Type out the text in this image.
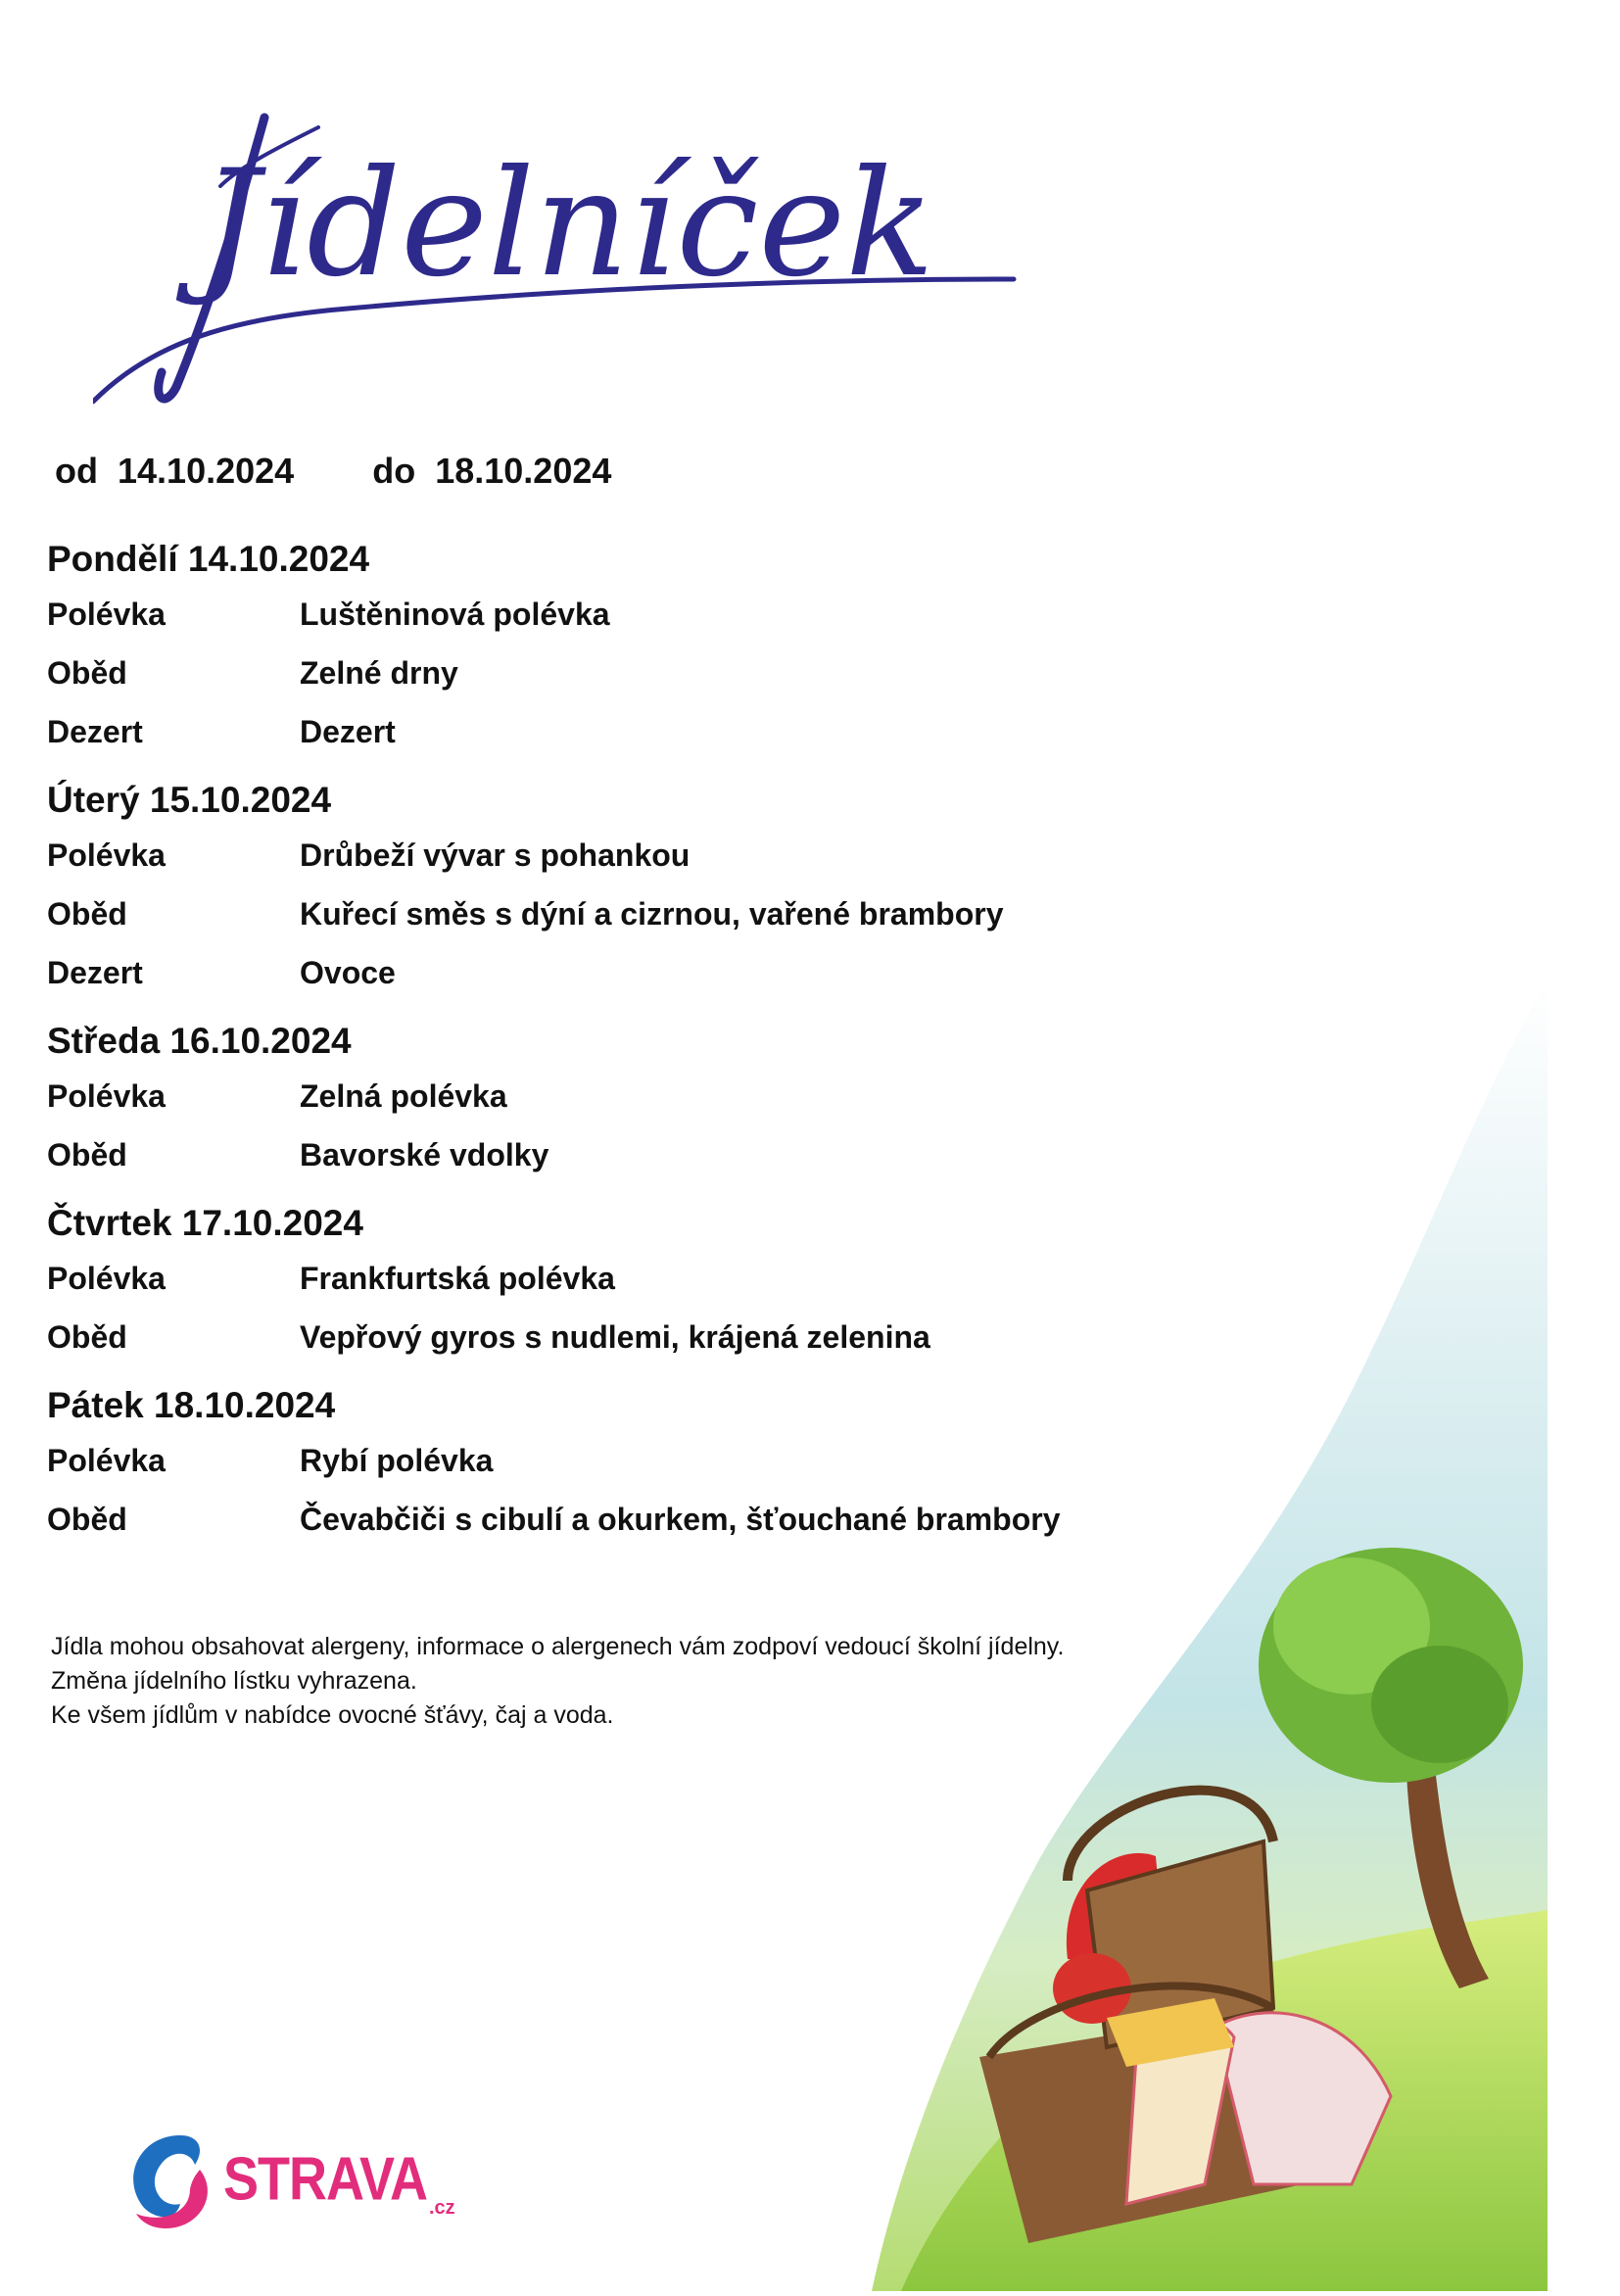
Jídelníček
od
14.10.2024
do
18.10.2024
Pondělí 14.10.2024
Polévka	Luštěninová polévka
Oběd	Zelné drny
Dezert	Dezert
Úterý 15.10.2024
Polévka	Drůbeží vývar s pohankou
Oběd	Kuřecí směs s dýní a cizrnou, vařené brambory
Dezert	Ovoce
Středa 16.10.2024
Polévka	Zelná polévka
Oběd	Bavorské vdolky
Čtvrtek 17.10.2024
Polévka	Frankfurtská polévka
Oběd	Vepřový gyros s nudlemi, krájená zelenina
Pátek 18.10.2024
Polévka	Rybí polévka
Oběd	Čevabčiči s cibulí a okurkem, šťouchané brambory
Jídla mohou obsahovat alergeny, informace o alergenech vám zodpoví vedoucí školní jídelny.
Změna jídelního lístku vyhrazena.
Ke všem jídlům v nabídce ovocné šťávy, čaj a voda.
STRAVA .cz
